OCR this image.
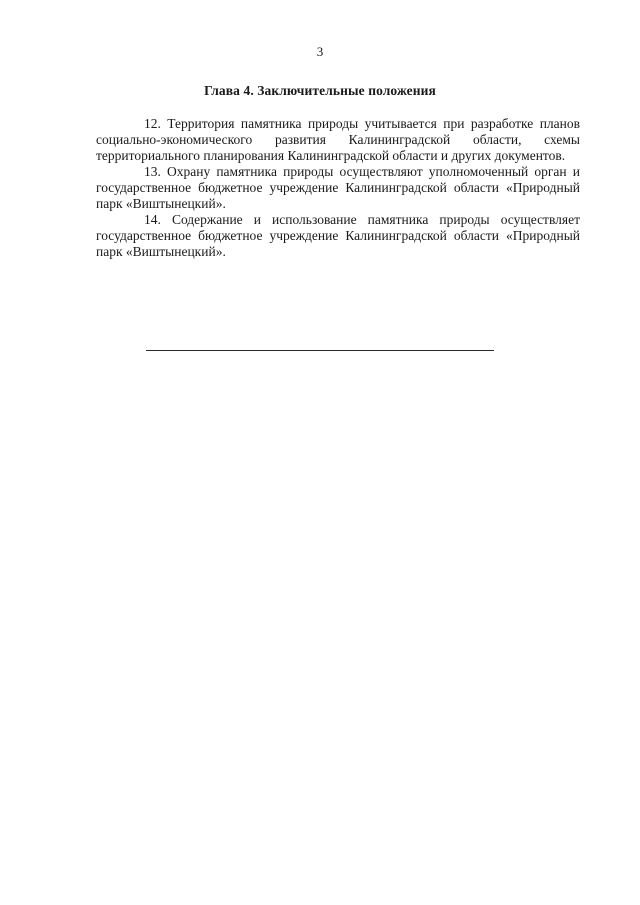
3
Глава 4. Заключительные положения

12. Территория памятника природы учитывается при разработке планов социально-экономического развития Калининградской области, схемы территориального планирования Калининградской области и других документов.

13. Охрану памятника природы осуществляют уполномоченный орган и государственное бюджетное учреждение Калининградской области «Природный парк «Виштынецкий».

14. Содержание и использование памятника природы осуществляет государственное бюджетное учреждение Калининградской области «Природный парк «Виштынецкий».
